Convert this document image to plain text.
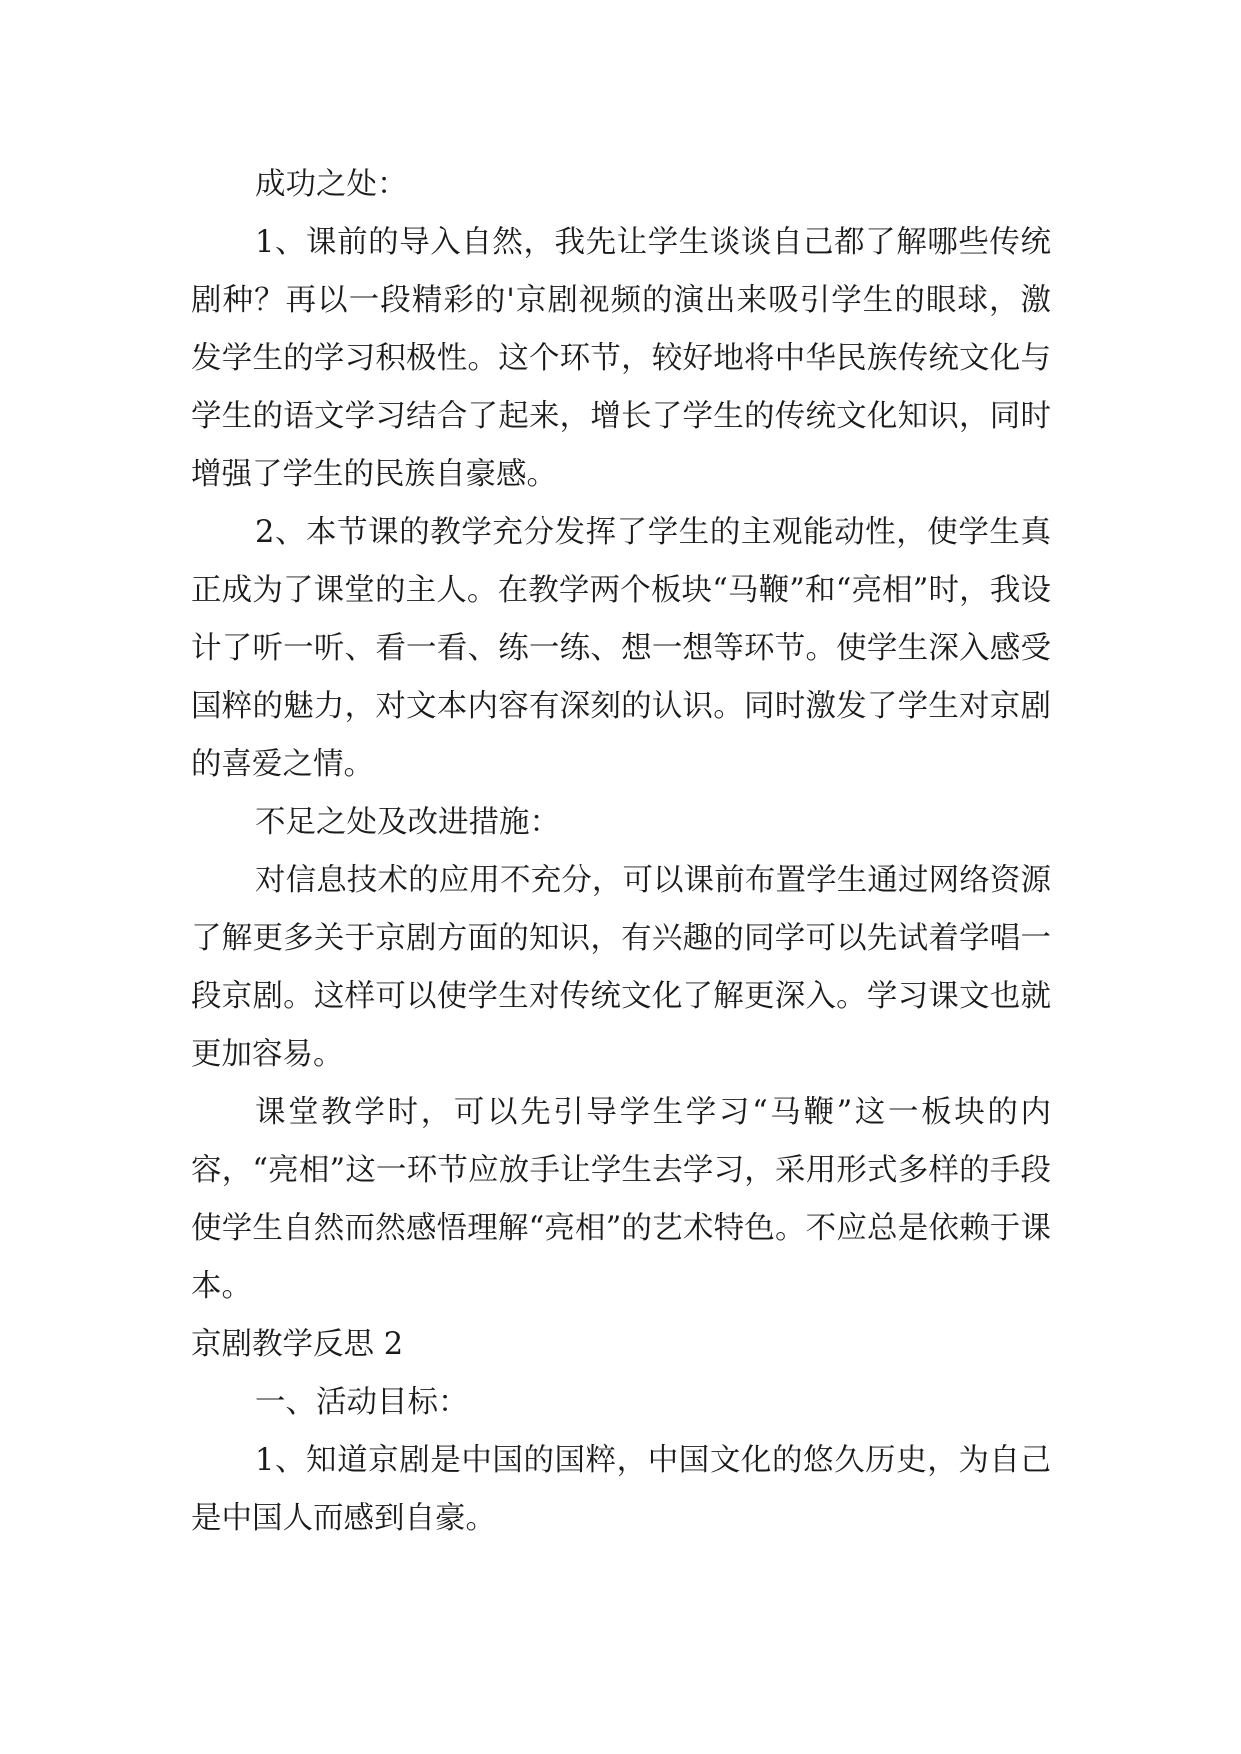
成功之处：

1、课前的导入自然，我先让学生谈谈自己都了解哪些传统剧种？再以一段精彩的'京剧视频的演出来吸引学生的眼球，激发学生的学习积极性。这个环节，较好地将中华民族传统文化与学生的语文学习结合了起来，增长了学生的传统文化知识，同时增强了学生的民族自豪感。

2、本节课的教学充分发挥了学生的主观能动性，使学生真正成为了课堂的主人。在教学两个板块“马鞭”和“亮相”时，我设计了听一听、看一看、练一练、想一想等环节。使学生深入感受国粹的魅力，对文本内容有深刻的认识。同时激发了学生对京剧的喜爱之情。

不足之处及改进措施：

对信息技术的应用不充分，可以课前布置学生通过网络资源了解更多关于京剧方面的知识，有兴趣的同学可以先试着学唱一段京剧。这样可以使学生对传统文化了解更深入。学习课文也就更加容易。

课堂教学时，可以先引导学生学习“马鞭”这一板块的内容，“亮相”这一环节应放手让学生去学习，采用形式多样的手段使学生自然而然感悟理解“亮相”的艺术特色。不应总是依赖于课本。

京剧教学反思 2

一、活动目标：

1、知道京剧是中国的国粹，中国文化的悠久历史，为自己是中国人而感到自豪。
